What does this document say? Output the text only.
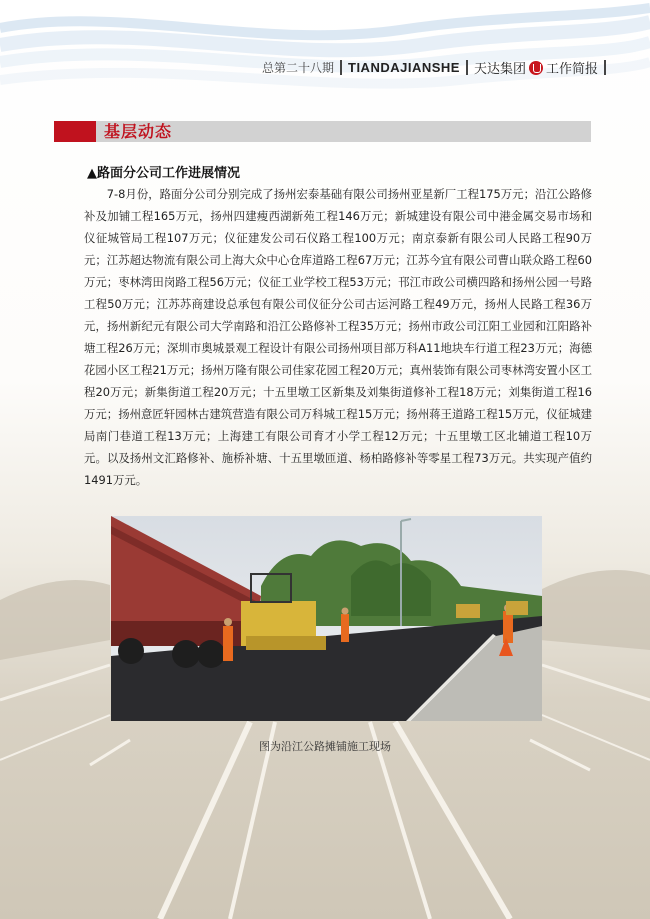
总第二十八期 TIANDAJIANSHE 天达集团 工作简报
基层动态
▲路面分公司工作进展情况

7-8月份，路面分公司分别完成了扬州宏泰基础有限公司扬州亚星新厂工程175万元；沿江公路修补及加铺工程165万元，扬州四建瘦西湖新苑工程146万元；新城建设有限公司中港金属交易市场和仪征城管局工程107万元；仪征建发公司石仪路工程100万元；南京泰新有限公司人民路工程90万元；江苏超达物流有限公司上海大众中心仓库道路工程67万元；江苏今宜有限公司曹山联众路工程60万元；枣林湾田岗路工程56万元；仪征工业学校工程53万元；邗江市政公司横四路和扬州公园一号路工程50万元；江苏苏商建设总承包有限公司仪征分公司古运河路工程49万元，扬州人民路工程36万元，扬州新纪元有限公司大学南路和沿江公路修补工程35万元；扬州市政公司江阳工业园和江阳路补塘工程26万元；深圳市奥城景观工程设计有限公司扬州项目部万科A11地块车行道工程23万元；海德花园小区工程21万元；扬州万隆有限公司佳家花园工程20万元；真州装饰有限公司枣林湾安置小区工程20万元；新集街道工程20万元；十五里墩工区新集及刘集街道修补工程18万元；刘集街道工程16万元；扬州意匠轩园林古建筑营造有限公司万科城工程15万元；扬州蒋王道路工程15万元，仪征城建局南门巷道工程13万元；上海建工有限公司育才小学工程12万元；十五里墩工区北辅道工程10万元。以及扬州文汇路修补、施桥补塘、十五里墩匝道、杨柏路修补等零星工程73万元。共实现产值约1491万元。

图为沿江公路摊铺施工现场
